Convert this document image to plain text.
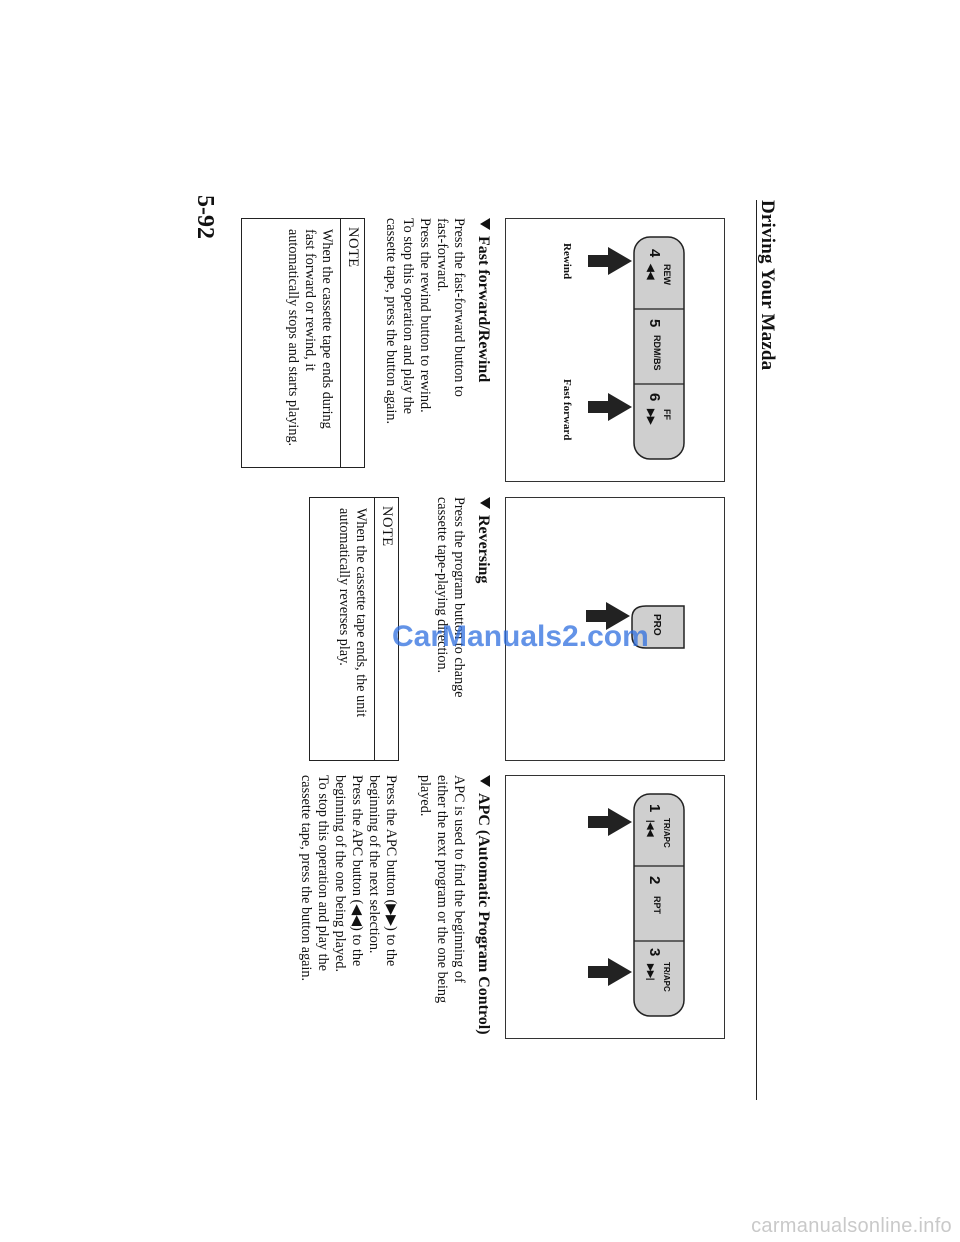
Driving Your Mazda
5-92
4
REW
◀◀
5
RDM/BS
6
FF
▶▶
Rewind
Fast forward
Fast forward/Rewind
Press the fast-forward button to
fast-forward.
Press the rewind button to rewind.
To stop this operation and play the
cassette tape, press the button again.
NOTE
When the cassette tape ends during
fast forward or rewind, it
automatically stops and starts playing.
PRO
Reversing
Press the program button to change
cassette tape-playing direction.
NOTE
When the cassette tape ends, the unit
automatically reverses play.
1
TR/APC
|◀◀
2
RPT
3
TR/APC
▶▶|
APC (Automatic Program Control)
APC is used to find the beginning of
either the next program or the one being
played.
Press the APC button (▶▶) to the
beginning of the next selection.
Press the APC button (◀◀) to the
beginning of the one being played.
To stop this operation and play the
cassette tape, press the button again.
CarManuals2.com
carmanualsonline.info
